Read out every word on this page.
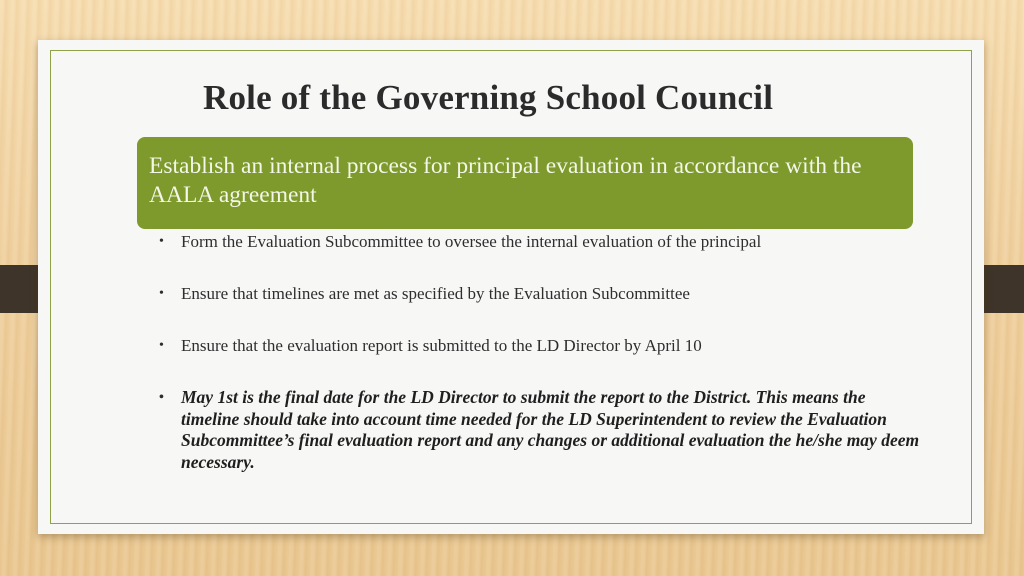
Role of the Governing School Council
Establish an internal process for principal evaluation in accordance with the AALA agreement
• Form the Evaluation Subcommittee to oversee the internal evaluation of the principal
• Ensure that timelines are met as specified by the Evaluation Subcommittee
• Ensure that the evaluation report is submitted to the LD Director by April 10
• May 1st is the final date for the LD Director to submit the report to the District. This means the timeline should take into account time needed for the LD Superintendent to review the Evaluation Subcommittee’s final evaluation report and any changes or additional evaluation the he/she may deem necessary.
